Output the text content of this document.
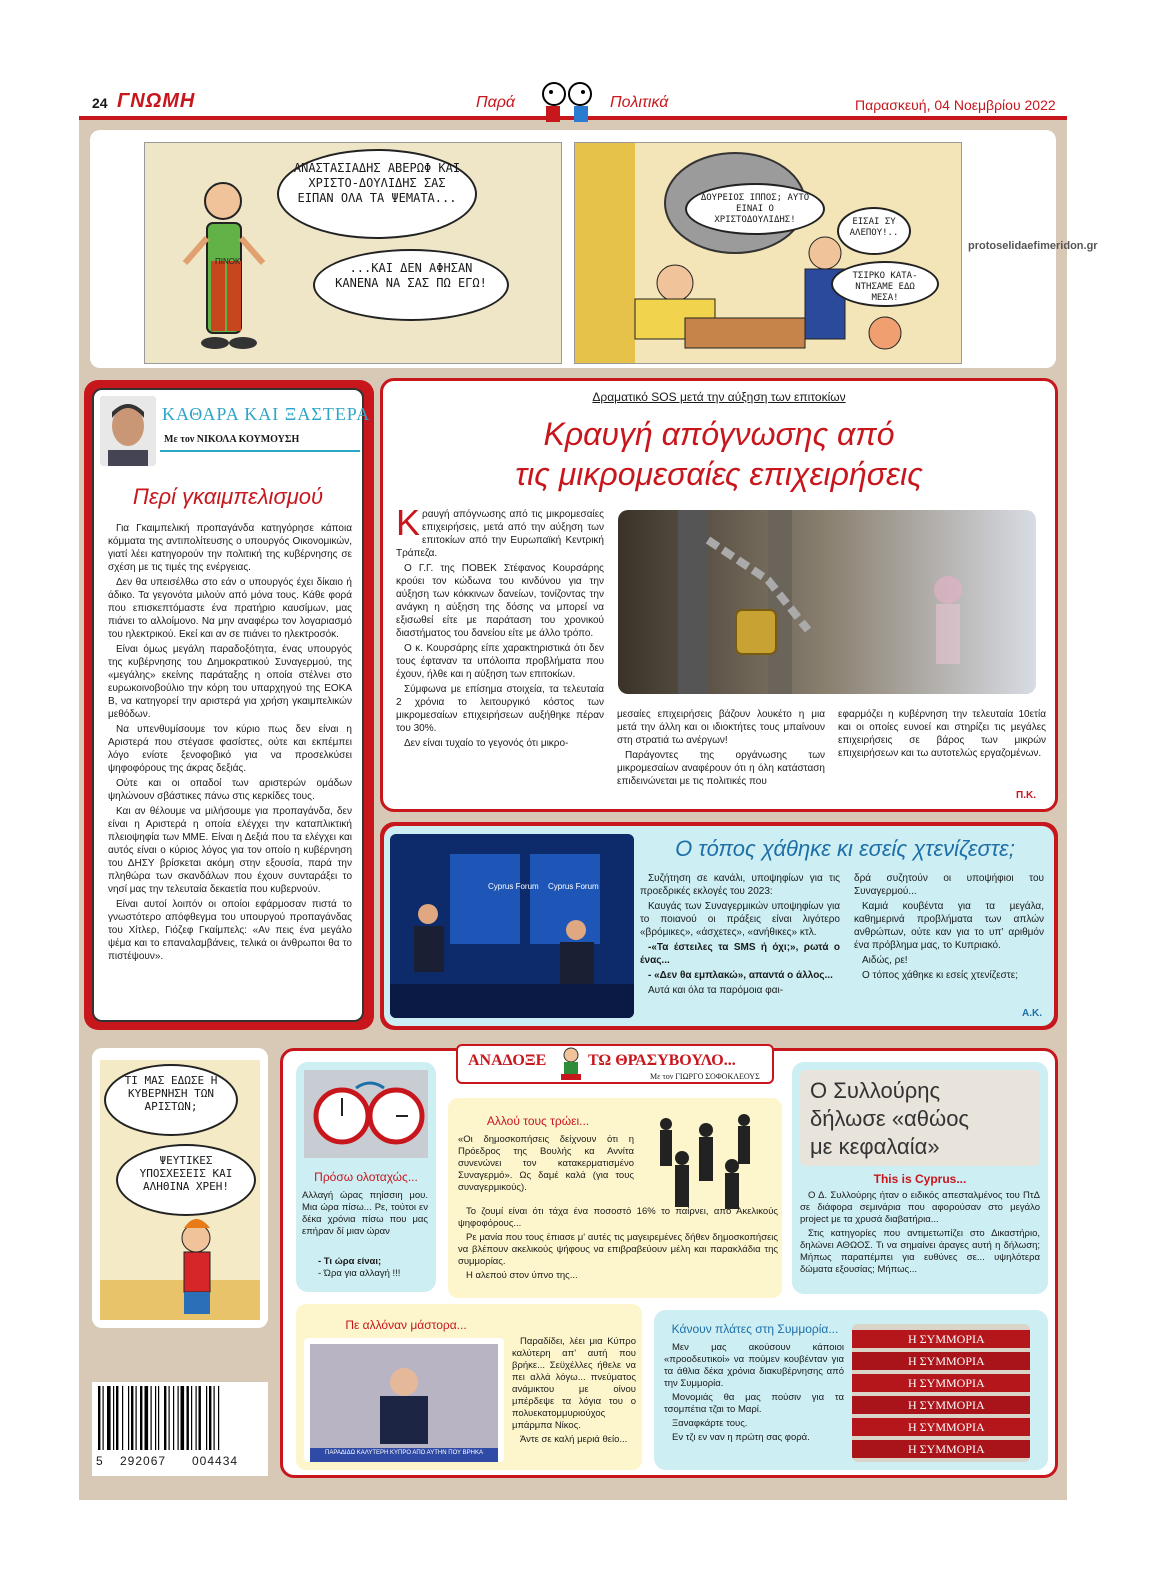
24 ΓΝΩΜΗ	Παρά	Πολιτικά	Παρασκευή, 04 Νοεμβρίου 2022
ΠΙΝΟΚ
ΑΝΑΣΤΑΣΙΑΔΗΣ ΑΒΕΡΩΦ ΚΑΙ ΧΡΙΣΤΟ-ΔΟΥΛΙΔΗΣ ΣΑΣ ΕΙΠΑΝ ΟΛΑ ΤΑ ΨΕΜΑΤΑ...
...ΚΑΙ ΔΕΝ ΑΦΗΣΑΝ ΚΑΝΕΝΑ ΝΑ ΣΑΣ ΠΩ ΕΓΩ!
ΔΟΥΡΕΙΟΣ ΙΠΠΟΣ; ΑΥΤΟ ΕΙΝΑΙ Ο ΧΡΙΣΤΟΔΟΥΛΙΔΗΣ!	ΕΙΣΑΙ ΣΥ ΑΛΕΠΟΥ!..
ΤΣΙΡΚΟ ΚΑΤΑ-ΝΤΗΣΑΜΕ ΕΔΩ ΜΕΣΑ!
protoselidaefimeridon.gr
ΚΑΘΑΡΑ ΚΑΙ ΞΑΣΤΕΡΑ
Με τον ΝΙΚΟΛΑ ΚΟΥΜΟΥΣΗ
Περί γκαιμπελισμού

Για Γκαιμπελική προπαγάνδα κατηγόρησε κάποια κόμματα της αντιπολίτευσης ο υπουργός Οικονομικών, γιατί λέει κατηγορούν την πολιτική της κυβέρνησης σε σχέση με τις τιμές της ενέργειας.

Δεν θα υπεισέλθω στο εάν ο υπουργός έχει δίκαιο ή άδικο. Τα γεγονότα μιλούν από μόνα τους. Κάθε φορά που επισκεπτόμαστε ένα πρατήριο καυσίμων, μας πιάνει το αλλοίμονο. Να μην αναφέρω τον λογαριασμό του ηλεκτρικού. Εκεί και αν σε πιάνει το ηλεκτροσόκ.

Είναι όμως μεγάλη παραδοξότητα, ένας υπουργός της κυβέρνησης του Δημοκρατικού Συναγερμού, της «μεγάλης» εκείνης παράταξης η οποία στέλνει στο ευρωκοινοβούλιο την κόρη του υπαρχηγού της ΕΟΚΑ Β, να κατηγορεί την αριστερά για χρήση γκαιμπελικών μεθόδων.

Να υπενθυμίσουμε τον κύριο πως δεν είναι η Αριστερά που στέγασε φασίστες, ούτε και εκπέμπει λόγο ενίοτε ξενοφοβικό για να προσελκύσει ψηφοφόρους της άκρας δεξιάς.

Ούτε και οι οπαδοί των αριστερών ομάδων ψηλώνουν σβάστικες πάνω στις κερκίδες τους.

Και αν θέλουμε να μιλήσουμε για προπαγάνδα, δεν είναι η Αριστερά η οποία ελέγχει την καταπλικτική πλειοψηφία των ΜΜΕ. Είναι η Δεξιά που τα ελέγχει και αυτός είναι ο κύριος λόγος για τον οποίο η κυβέρνηση του ΔΗΣΥ βρίσκεται ακόμη στην εξουσία, παρά την πληθώρα των σκανδάλων που έχουν συνταράξει το νησί μας την τελευταία δεκαετία που κυβερνούν.

Είναι αυτοί λοιπόν οι οποίοι εφάρμοσαν πιστά το γνωστότερο απόφθεγμα του υπουργού προπαγάνδας του Χίτλερ, Γιόζεφ Γκαίμπελς: «Αν πεις ένα μεγάλο ψέμα και το επαναλαμβάνεις, τελικά οι άνθρωποι θα το πιστέψουν».

Δραματικό SOS μετά την αύξηση των επιτοκίων
Κραυγή απόγνωσης από
τις μικρομεσαίες επιχειρήσεις
Κ ραυγή απόγνωσης από τις μικρομεσαίες επιχειρήσεις, μετά από την αύξηση των επιτοκίων από την Ευρωπαϊκή Κεντρική Τράπεζα.

Ο Γ.Γ. της ΠΟΒΕΚ Στέφανος Κουρσάρης κρούει τον κώδωνα του κινδύνου για την αύξηση των κόκκινων δανείων, τονίζοντας την ανάγκη η αύξηση της δόσης να μπορεί να εξισωθεί είτε με παράταση του χρονικού διαστήματος του δανείου είτε με άλλο τρόπο.

Ο κ. Κουρσάρης είπε χαρακτηριστικά ότι δεν τους έφταναν τα υπόλοιπα προβλήματα που έχουν, ήλθε και η αύξηση των επιτοκίων.

Σύμφωνα με επίσημα στοιχεία, τα τελευταία 2 χρόνια το λειτουργικό κόστος των μικρομεσαίων επιχειρήσεων αυξήθηκε πέραν του 30%.

Δεν είναι τυχαίο το γεγονός ότι μικρο-

μεσαίες επιχειρήσεις βάζουν λουκέτο η μια μετά την άλλη και οι ιδιοκτήτες τους μπαίνουν στη στρατιά τω ανέργων!

Παράγοντες της οργάνωσης των μικρομεσαίων αναφέρουν ότι η όλη κατάσταση επιδεινώνεται με τις πολιτικές που

εφαρμόζει η κυβέρνηση την τελευταία 10ετία και οι οποίες ευνοεί και στηρίζει τις μεγάλες επιχειρήσεις σε βάρος των μικρών επιχειρήσεων και τω αυτοτελώς εργαζομένων.

Π.Κ.
Cyprus Forum Cyprus Forum
Ο τόπος χάθηκε κι εσείς χτενίζεστε;

Συζήτηση σε κανάλι, υποψηφίων για τις προεδρικές εκλογές του 2023:

Καυγάς των Συναγερμικών υποψηφίων για το ποιανού οι πράξεις είναι λιγότερο «βρόμικες», «άσχετες», «ανήθικες» κτλ.

-«Τα έστειλες τα SMS ή όχι;», ρωτά ο ένας...

- «Δεν θα εμπλακώ», απαντά ο άλλος...

Αυτά και όλα τα παρόμοια φαι-

δρά συζητούν οι υποψήφιοι του Συναγερμού...

Καμιά κουβέντα για τα μεγάλα, καθημερινά προβλήματα των απλών ανθρώπων, ούτε καν για το υπ' αριθμόν ένα πρόβλημα μας, το Κυπριακό.

Αιδώς, ρε!

Ο τόπος χάθηκε κι εσείς χτενίζεστε;

Α.Κ.
ΤΙ ΜΑΣ ΕΔΩΣΕ Η ΚΥΒΕΡΝΗΣΗ ΤΩΝ ΑΡΙΣΤΩΝ;
ΨΕΥΤΙΚΕΣ ΥΠΟΣΧΕΣΕΙΣ ΚΑΙ ΑΛΗΘΙΝΑ ΧΡΕΗ!
5 292067 004434
ΑΝΑΔΟΞΕ	ΤΩ ΘΡΑΣΥΒΟΥΛΟ...
Με τον ΓΙΩΡΓΟ ΣΟΦΟΚΛΕΟΥΣ
Πρόσω ολοταχώς...
Αλλαγή ώρας πηίσσιη μου. Μια ώρα πίσω... Ρε, τούτοι εν δέκα χρόνια πίσω που μας επήραν δί μιαν ώραν
- Τι ώρα είναι;
- Ώρα για αλλαγή !!!
Αλλού τους τρώει...

«Οι δημοσκοπήσεις δείχνουν ότι η Πρόεδρος της Βουλής κα Αννίτα συνενώνει τον κατακερματισμένο Συναγερμό». Ως δαμέ καλά (για τους συναγερμικούς).

Το ζουμί είναι ότι τάχα ένα ποσοστό 16% το παίρνει, από Ακελικούς ψηφοφόρους...

Ρε μανία που τους έπιασε μ' αυτές τις μαγειρεμένες δήθεν δημοσκοπήσεις να βλέπουν ακελικούς ψήφους να επιβραβεύουν μέλη και παρακλάδια της συμμορίας.

Η αλεπού στον ύπνο της...

Ο Συλλούρης
δήλωσε «αθώος
με κεφαλαία»
This is Cyprus...

Ο Δ. Συλλούρης ήταν ο ειδικός απεσταλμένος του ΠτΔ σε διάφορα σεμινάρια που αφορούσαν στο μεγάλο project με τα χρυσά διαβατήρια...

Στις κατηγορίες που αντιμετωπίζει στο Δικαστήριο, δηλώνει ΑΘΩΟΣ. Τι να σημαίνει άραγες αυτή η δήλωση; Μήπως παραπέμπει για ευθύνες σε... υψηλότερα δώματα εξουσίας; Μήπως...

Πε αλλόναν μάστορα...
ΠΑΡΑΔΙΔΩ ΚΑΛΥΤΕΡΗ ΚΥΠΡΟ ΑΠΟ ΑΥΤΗΝ ΠΟΥ ΒΡΗΚΑ

Παραδίδει, λέει μια Κύπρο καλύτερη απ' αυτή που βρήκε... Σεϋχέλλες ήθελε να πει αλλά λόγω... πνεύματος ανάμικτου με οίνου μπέρδεψε τα λόγια του ο πολυεκατομμυριούχος μπάρμπα Νίκος.

Άντε σε καλή μεριά θείο...

Κάνουν πλάτες στη Συμμορία...

Μεν μας ακούσουν κάποιοι «προοδευτικοί» να πούμεν κουβένταν για τα άθλια δέκα χρόνια διακυβέρνησης από την Συμμορία.

Μονομιάς θα μας πούσιν για τα τσομπέτια τζαι το Μαρί.

Ξαναφκάρτε τους.

Εν τζι εν ναν η πρώτη σας φορά.

Η ΣΥΜΜΟΡΙΑ
Η ΣΥΜΜΟΡΙΑ
Η ΣΥΜΜΟΡΙΑ
Η ΣΥΜΜΟΡΙΑ
Η ΣΥΜΜΟΡΙΑ
Η ΣΥΜΜΟΡΙΑ
